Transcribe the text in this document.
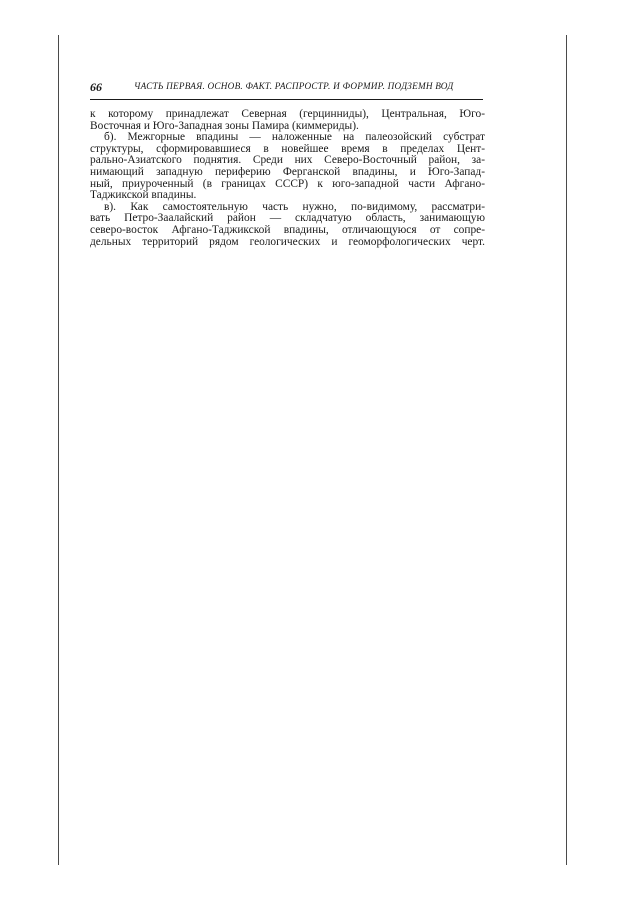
66	ЧАСТЬ ПЕРВАЯ. ОСНОВ. ФАКТ. РАСПРОСТР. И ФОРМИР. ПОДЗЕМН ВОД
к которому принадлежат Северная (герцинниды), Центральная, Юго-
Восточная и Юго-Западная зоны Памира (киммериды).
б). Межгорные впадины — наложенные на палеозойский субстрат
структуры, сформировавшиеся в новейшее время в пределах Цент-
рально-Азиатского поднятия. Среди них Северо-Восточный район, за-
нимающий западную периферию Ферганской впадины, и Юго-Запад-
ный, приуроченный (в границах СССР) к юго-западной части Афгано-
Таджикской впадины.
в). Как самостоятельную часть нужно, по-видимому, рассматри-
вать Петро-Заалайский район — складчатую область, занимающую
северо-восток Афгано-Таджикской впадины, отличающуюся от сопре-
дельных территорий рядом геологических и геоморфологических черт.
